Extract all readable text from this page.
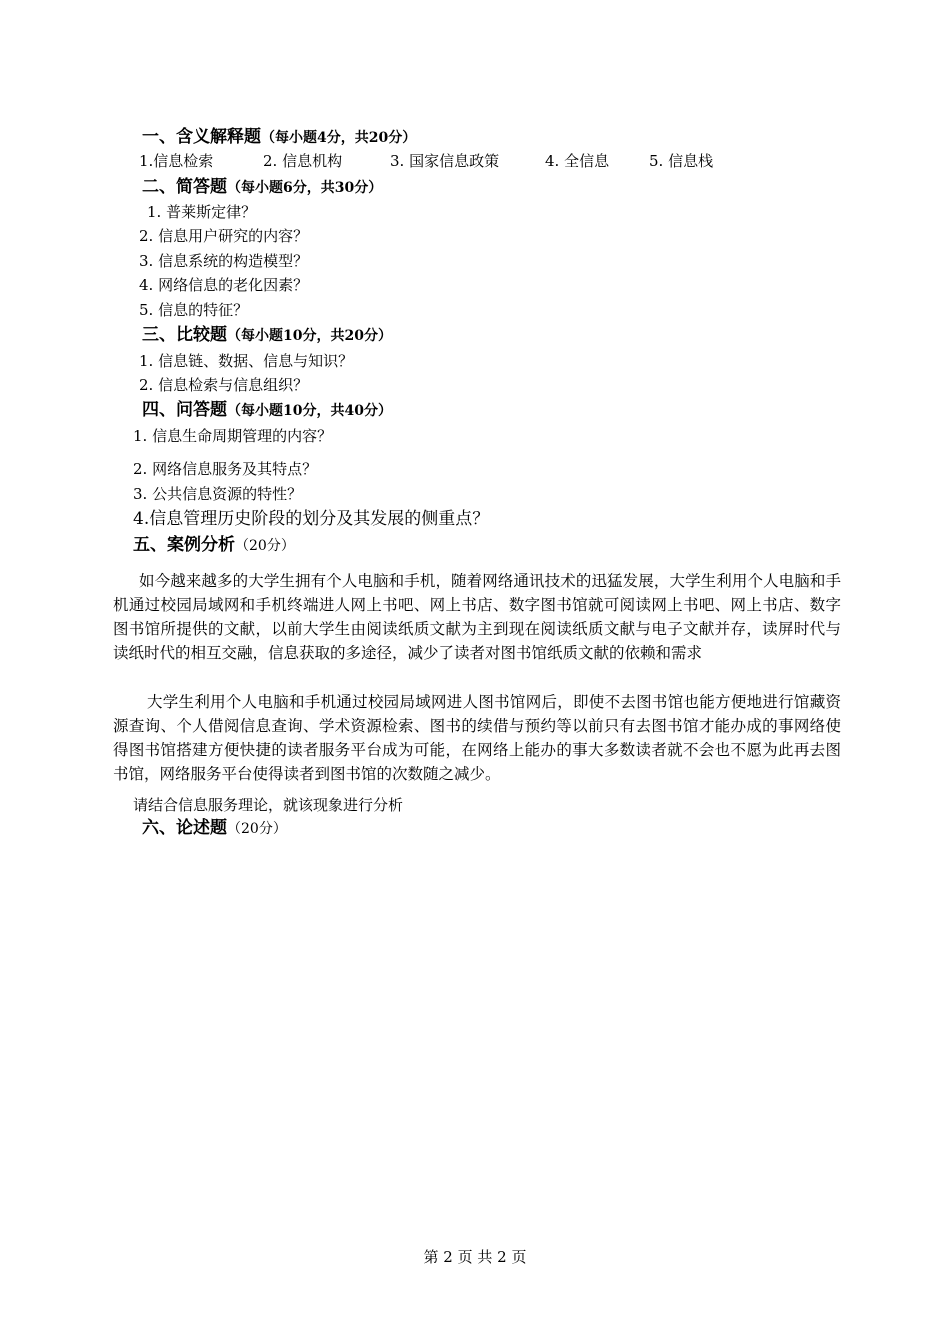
一、含义解释题（每小题4分，共20分）
1.信息检索	2. 信息机构	3. 国家信息政策	4. 全信息	5. 信息栈
二、简答题（每小题6分，共30分）
1. 普莱斯定律？
2. 信息用户研究的内容？
3. 信息系统的构造模型？
4. 网络信息的老化因素？
5. 信息的特征？
三、比较题（每小题10分，共20分）
1. 信息链、数据、信息与知识？
2. 信息检索与信息组织？
四、问答题（每小题10分，共40分）
1. 信息生命周期管理的内容？
2. 网络信息服务及其特点？
3. 公共信息资源的特性？
4.信息管理历史阶段的划分及其发展的侧重点？
五、案例分析（20分）
如今越来越多的大学生拥有个人电脑和手机，随着网络通讯技术的迅猛发展，大学生利用个人电脑和手机通过校园局域网和手机终端进人网上书吧、网上书店、数字图书馆就可阅读网上书吧、网上书店、数字图书馆所提供的文献，以前大学生由阅读纸质文献为主到现在阅读纸质文献与电子文献并存，读屏时代与读纸时代的相互交融，信息获取的多途径，减少了读者对图书馆纸质文献的依赖和需求
大学生利用个人电脑和手机通过校园局域网进人图书馆网后，即使不去图书馆也能方便地进行馆藏资源查询、个人借阅信息查询、学术资源检索、图书的续借与预约等以前只有去图书馆才能办成的事网络使得图书馆搭建方便快捷的读者服务平台成为可能，在网络上能办的事大多数读者就不会也不愿为此再去图书馆，网络服务平台使得读者到图书馆的次数随之减少。
请结合信息服务理论，就该现象进行分析
六、论述题（20分）
第 2 页 共 2 页
